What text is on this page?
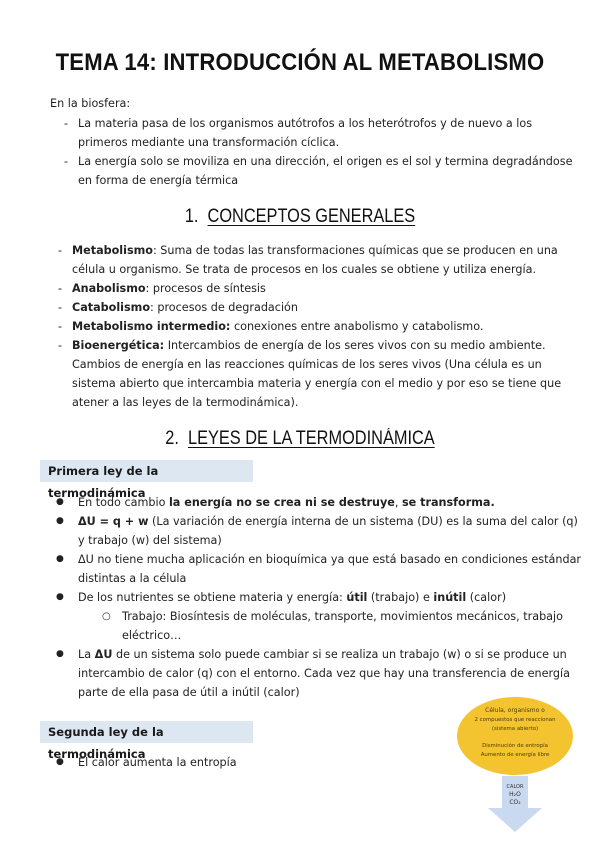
TEMA 14: INTRODUCCIÓN AL METABOLISMO
En la biosfera:
- La materia pasa de los organismos autótrofos a los heterótrofos y de nuevo a los
primeros mediante una transformación cíclica.
- La energía solo se moviliza en una dirección, el origen es el sol y termina degradándose
en forma de energía térmica
1. CONCEPTOS GENERALES
- Metabolismo: Suma de todas las transformaciones químicas que se producen en una
célula u organismo. Se trata de procesos en los cuales se obtiene y utiliza energía.
- Anabolismo: procesos de síntesis
- Catabolismo: procesos de degradación
- Metabolismo intermedio: conexiones entre anabolismo y catabolismo.
- Bioenergética: Intercambios de energía de los seres vivos con su medio ambiente.
Cambios de energía en las reacciones químicas de los seres vivos (Una célula es un
sistema abierto que intercambia materia y energía con el medio y por eso se tiene que
atener a las leyes de la termodinámica).
2. LEYES DE LA TERMODINÁMICA
Primera ley de la termodinámica
● En todo cambio la energía no se crea ni se destruye, se transforma.
● ΔU = q + w (La variación de energía interna de un sistema (DU) es la suma del calor (q)
y trabajo (w) del sistema)
● ΔU no tiene mucha aplicación en bioquímica ya que está basado en condiciones estándar
distintas a la célula
● De los nutrientes se obtiene materia y energía: útil (trabajo) e inútil (calor)
○ Trabajo: Biosíntesis de moléculas, transporte, movimientos mecánicos, trabajo
eléctrico…
● La ΔU de un sistema solo puede cambiar si se realiza un trabajo (w) o si se produce un
intercambio de calor (q) con el entorno. Cada vez que hay una transferencia de energía
parte de ella pasa de útil a inútil (calor)
Segunda ley de la termodinámica
● El calor aumenta la entropía
Célula, organismo o
2 compuestos que reaccionan
(sistema abierto)
Disminución de entropía
Aumento de energía libre
CALOR
H₂O
CO₂
